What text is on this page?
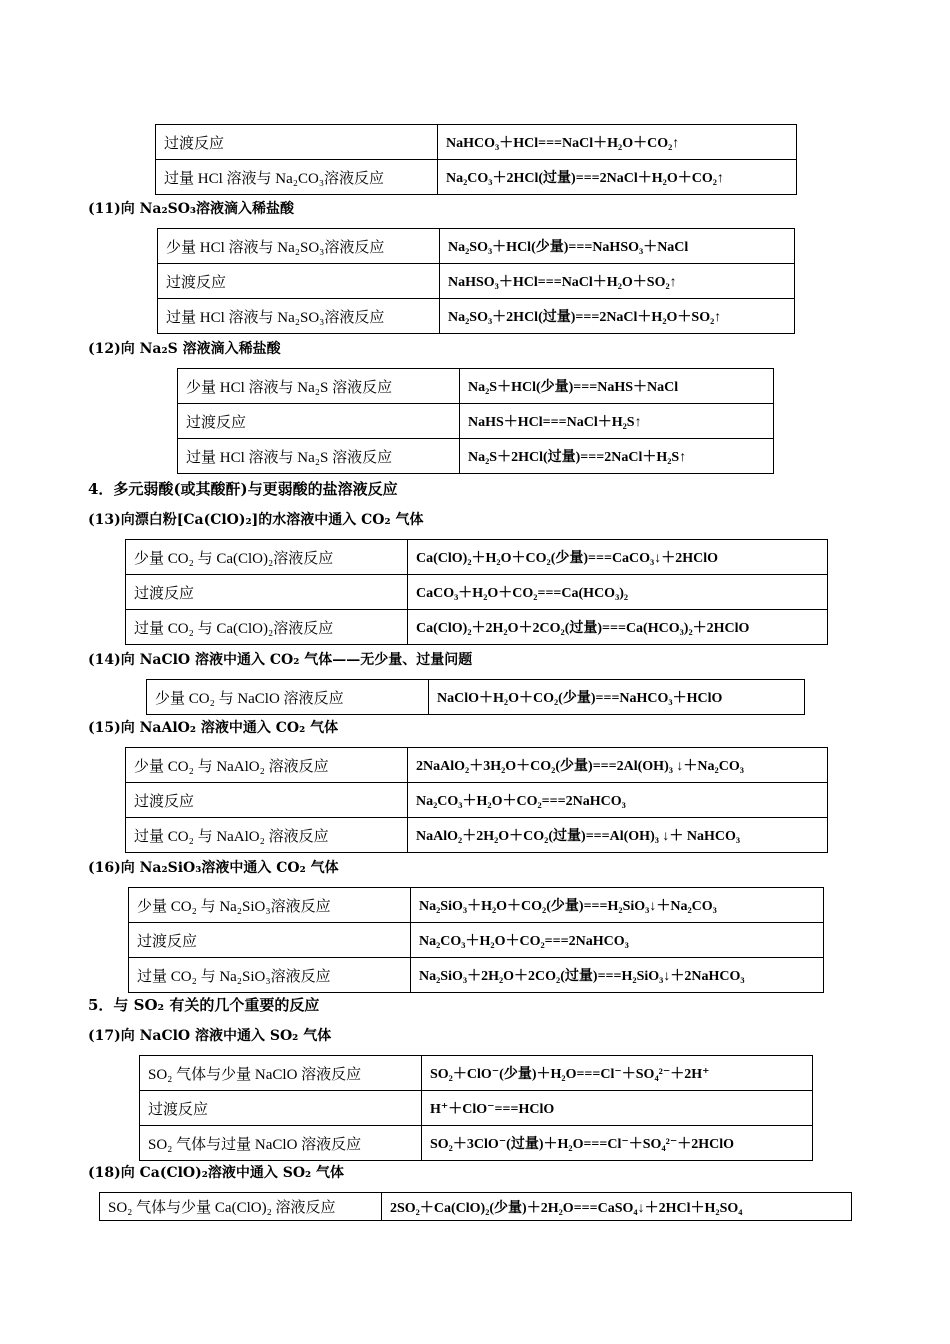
过渡反应	NaHCO₃＋HCl===NaCl＋H₂O＋CO₂↑
过量 HCl 溶液与 Na₂CO₃溶液反应	Na₂CO₃＋2HCl(过量)===2NaCl＋H₂O＋CO₂↑
(11)向 Na₂SO₃溶液滴入稀盐酸
少量 HCl 溶液与 Na₂SO₃溶液反应	Na₂SO₃＋HCl(少量)===NaHSO₃＋NaCl
过渡反应	NaHSO₃＋HCl===NaCl＋H₂O＋SO₂↑
过量 HCl 溶液与 Na₂SO₃溶液反应	Na₂SO₃＋2HCl(过量)===2NaCl＋H₂O＋SO₂↑
(12)向 Na₂S 溶液滴入稀盐酸
少量 HCl 溶液与 Na₂S 溶液反应	Na₂S＋HCl(少量)===NaHS＋NaCl
过渡反应	NaHS＋HCl===NaCl＋H₂S↑
过量 HCl 溶液与 Na₂S 溶液反应	Na₂S＋2HCl(过量)===2NaCl＋H₂S↑
4．多元弱酸(或其酸酐)与更弱酸的盐溶液反应
(13)向漂白粉[Ca(ClO)₂]的水溶液中通入 CO₂ 气体
少量 CO₂ 与 Ca(ClO)₂溶液反应	Ca(ClO)₂＋H₂O＋CO₂(少量)===CaCO₃↓＋2HClO
过渡反应	CaCO₃＋H₂O＋CO₂===Ca(HCO₃)₂
过量 CO₂ 与 Ca(ClO)₂溶液反应	Ca(ClO)₂＋2H₂O＋2CO₂(过量)===Ca(HCO₃)₂＋2HClO
(14)向 NaClO 溶液中通入 CO₂ 气体——无少量、过量问题
少量 CO₂ 与 NaClO 溶液反应	NaClO＋H₂O＋CO₂(少量)===NaHCO₃＋HClO
(15)向 NaAlO₂ 溶液中通入 CO₂ 气体
少量 CO₂ 与 NaAlO₂ 溶液反应	2NaAlO₂＋3H₂O＋CO₂(少量)===2Al(OH)₃ ↓＋Na₂CO₃
过渡反应	Na₂CO₃＋H₂O＋CO₂===2NaHCO₃
过量 CO₂ 与 NaAlO₂ 溶液反应	NaAlO₂＋2H₂O＋CO₂(过量)===Al(OH)₃ ↓＋ NaHCO₃
(16)向 Na₂SiO₃溶液中通入 CO₂ 气体
少量 CO₂ 与 Na₂SiO₃溶液反应	Na₂SiO₃＋H₂O＋CO₂(少量)===H₂SiO₃↓＋Na₂CO₃
过渡反应	Na₂CO₃＋H₂O＋CO₂===2NaHCO₃
过量 CO₂ 与 Na₂SiO₃溶液反应	Na₂SiO₃＋2H₂O＋2CO₂(过量)===H₂SiO₃↓＋2NaHCO₃
5．与 SO₂ 有关的几个重要的反应
(17)向 NaClO 溶液中通入 SO₂ 气体
SO₂ 气体与少量 NaClO 溶液反应	SO₂＋ClO⁻(少量)＋H₂O===Cl⁻＋SO₄²⁻＋2H⁺
过渡反应	H⁺＋ClO⁻===HClO
SO₂ 气体与过量 NaClO 溶液反应	SO₂＋3ClO⁻(过量)＋H₂O===Cl⁻＋SO₄²⁻＋2HClO
(18)向 Ca(ClO)₂溶液中通入 SO₂ 气体
SO₂ 气体与少量 Ca(ClO)₂ 溶液反应	2SO₂＋Ca(ClO)₂(少量)＋2H₂O===CaSO₄↓＋2HCl＋H₂SO₄
